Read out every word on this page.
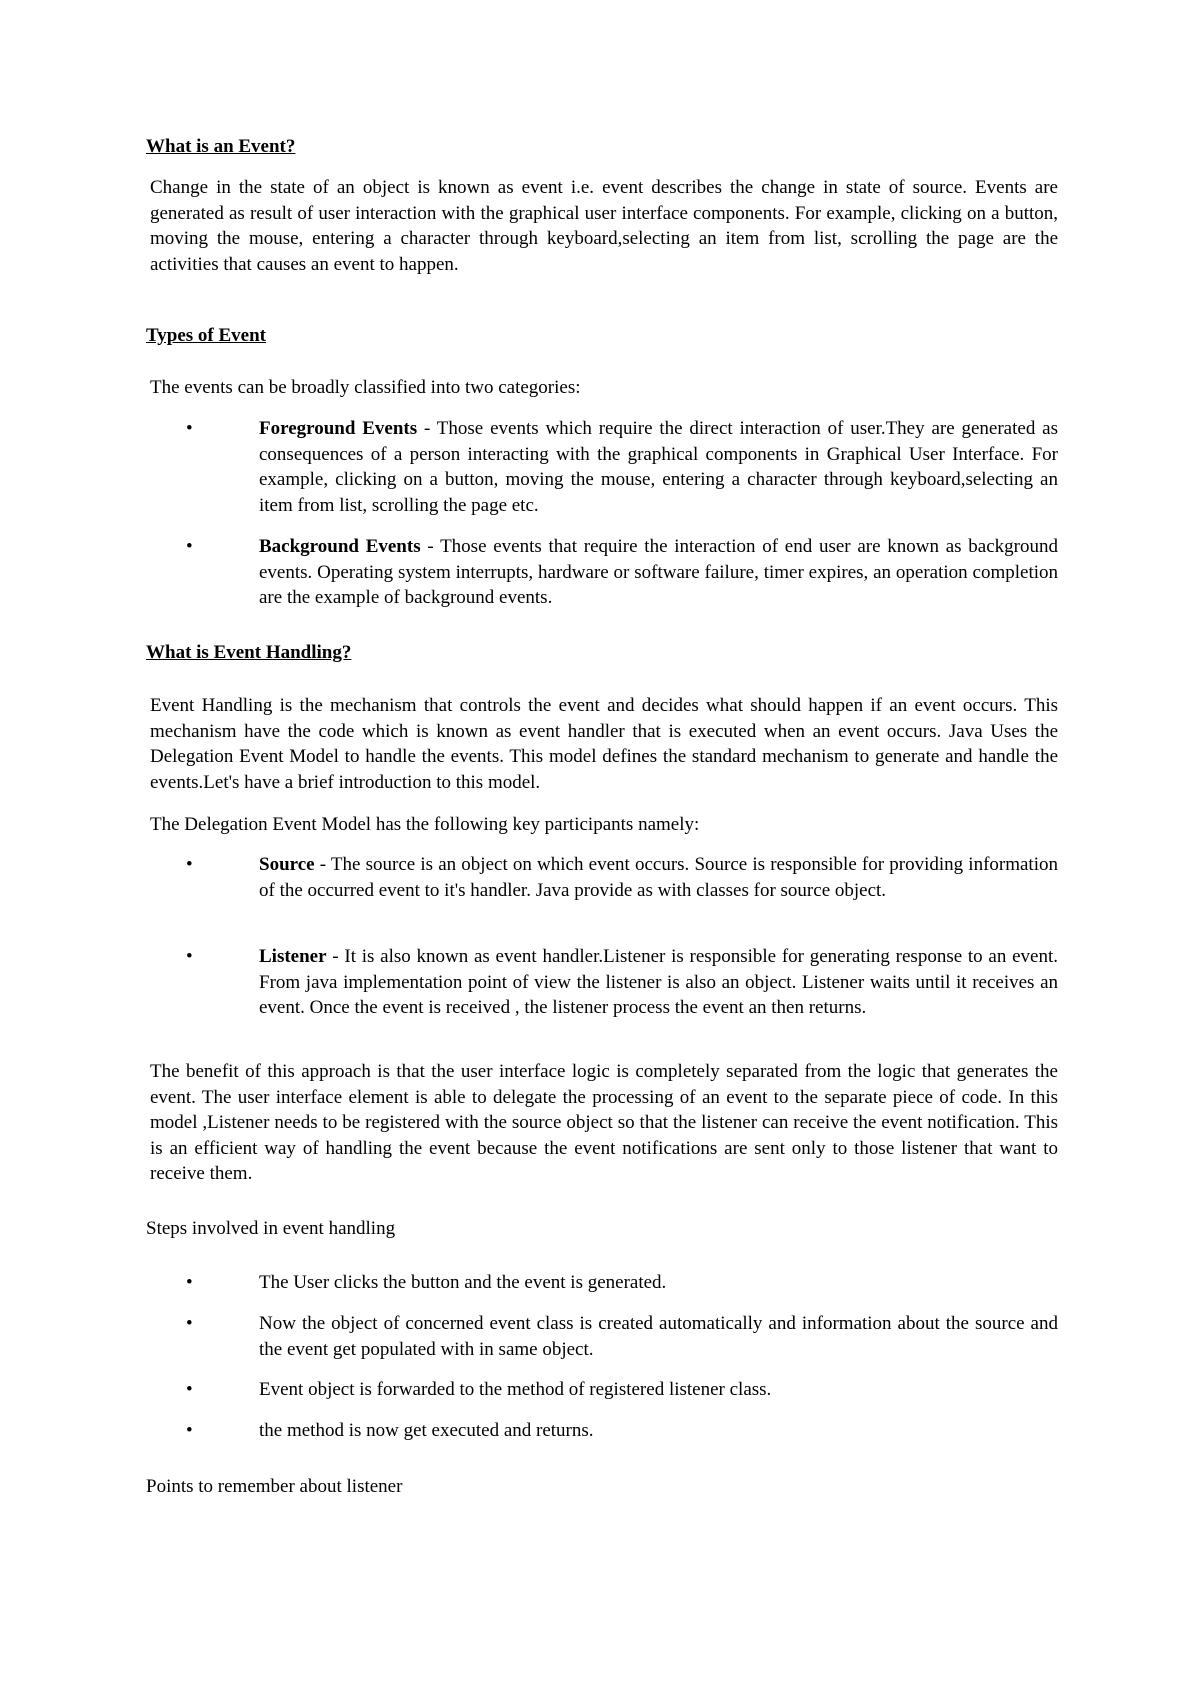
What is an Event?

Change in the state of an object is known as event i.e. event describes the change in state of source. Events are generated as result of user interaction with the graphical user interface components. For example, clicking on a button, moving the mouse, entering a character through keyboard,selecting an item from list, scrolling the page are the activities that causes an event to happen.

Types of Event
The events can be broadly classified into two categories:
•	Foreground Events - Those events which require the direct interaction of user.They are generated as consequences of a person interacting with the graphical components in Graphical User Interface. For example, clicking on a button, moving the mouse, entering a character through keyboard,selecting an item from list, scrolling the page etc.

•	Background Events - Those events that require the interaction of end user are known as background events. Operating system interrupts, hardware or software failure, timer expires, an operation completion are the example of background events.

What is Event Handling?

Event Handling is the mechanism that controls the event and decides what should happen if an event occurs. This mechanism have the code which is known as event handler that is executed when an event occurs. Java Uses the Delegation Event Model to handle the events. This model defines the standard mechanism to generate and handle the events.Let's have a brief introduction to this model.

The Delegation Event Model has the following key participants namely:
•	Source - The source is an object on which event occurs. Source is responsible for providing information of the occurred event to it's handler. Java provide as with classes for source object.

•	Listener - It is also known as event handler.Listener is responsible for generating response to an event. From java implementation point of view the listener is also an object. Listener waits until it receives an event. Once the event is received , the listener process the event an then returns.

The benefit of this approach is that the user interface logic is completely separated from the logic that generates the event. The user interface element is able to delegate the processing of an event to the separate piece of code. In this model ,Listener needs to be registered with the source object so that the listener can receive the event notification. This is an efficient way of handling the event because the event notifications are sent only to those listener that want to receive them.

Steps involved in event handling
•	The User clicks the button and the event is generated.

•	Now the object of concerned event class is created automatically and information about the source and the event get populated with in same object.

•	Event object is forwarded to the method of registered listener class.

•	the method is now get executed and returns.

Points to remember about listener
